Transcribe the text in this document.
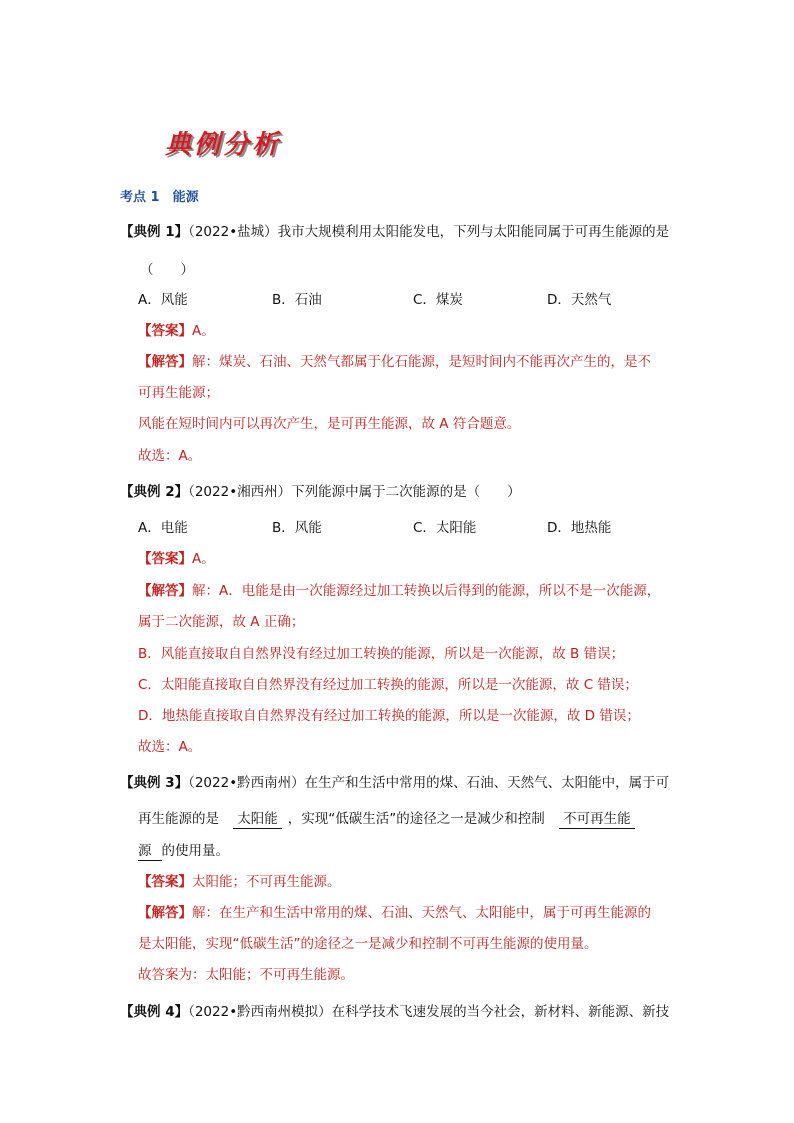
典例分析
考点 1　能源
【典例 1】（2022•盐城）我市大规模利用太阳能发电，下列与太阳能同属于可再生能源的是
（　　）
A．风能	B．石油	C．煤炭	D．天然气
【答案】A。
【解答】解：煤炭、石油、天然气都属于化石能源，是短时间内不能再次产生的，是不
可再生能源；
风能在短时间内可以再次产生，是可再生能源，故 A 符合题意。
故选：A。
【典例 2】（2022•湘西州）下列能源中属于二次能源的是（　　）
A．电能	B．风能	C．太阳能	D．地热能
【答案】A。
【解答】解：A．电能是由一次能源经过加工转换以后得到的能源，所以不是一次能源，
属于二次能源，故 A 正确；
B．风能直接取自自然界没有经过加工转换的能源，所以是一次能源，故 B 错误；
C．太阳能直接取自自然界没有经过加工转换的能源，所以是一次能源，故 C 错误；
D．地热能直接取自自然界没有经过加工转换的能源，所以是一次能源，故 D 错误；
故选：A。
【典例 3】（2022•黔西南州）在生产和生活中常用的煤、石油、天然气、太阳能中，属于可
再生能源的是 太阳能 ，实现“低碳生活”的途径之一是减少和控制 不可再生能
源 的使用量。
【答案】太阳能；不可再生能源。
【解答】解：在生产和生活中常用的煤、石油、天然气、太阳能中，属于可再生能源的
是太阳能，实现“低碳生活”的途径之一是减少和控制不可再生能源的使用量。
故答案为：太阳能；不可再生能源。
【典例 4】（2022•黔西南州模拟）在科学技术飞速发展的当今社会，新材料、新能源、新技
